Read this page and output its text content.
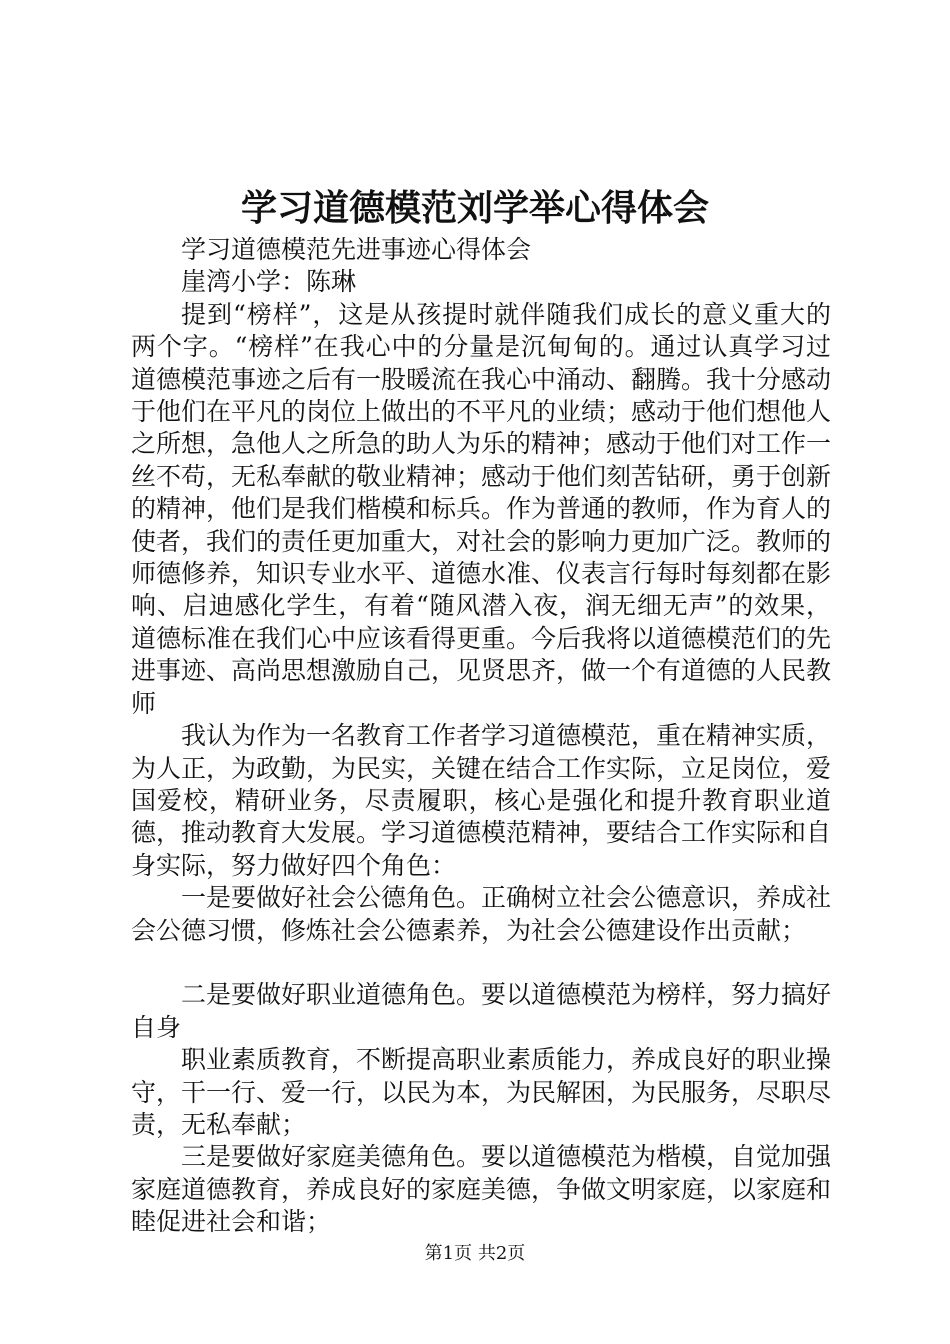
学习道德模范刘学举心得体会

学习道德模范先进事迹心得体会

崖湾小学：陈琳

提到“榜样”，这是从孩提时就伴随我们成长的意义重大的两个字。“榜样”在我心中的分量是沉甸甸的。通过认真学习过道德模范事迹之后有一股暖流在我心中涌动、翻腾。我十分感动于他们在平凡的岗位上做出的不平凡的业绩；感动于他们想他人之所想，急他人之所急的助人为乐的精神；感动于他们对工作一丝不苟，无私奉献的敬业精神；感动于他们刻苦钻研，勇于创新的精神，他们是我们楷模和标兵。作为普通的教师，作为育人的使者，我们的责任更加重大，对社会的影响力更加广泛。教师的师德修养，知识专业水平、道德水准、仪表言行每时每刻都在影响、启迪感化学生，有着“随风潜入夜，润无细无声”的效果，道德标准在我们心中应该看得更重。今后我将以道德模范们的先进事迹、高尚思想激励自己，见贤思齐，做一个有道德的人民教师

我认为作为一名教育工作者学习道德模范，重在精神实质，为人正，为政勤，为民实，关键在结合工作实际，立足岗位，爱国爱校，精研业务，尽责履职，核心是强化和提升教育职业道德，推动教育大发展。学习道德模范精神，要结合工作实际和自身实际，努力做好四个角色：

一是要做好社会公德角色。正确树立社会公德意识，养成社会公德习惯，修炼社会公德素养，为社会公德建设作出贡献；

二是要做好职业道德角色。要以道德模范为榜样，努力搞好自身

职业素质教育，不断提高职业素质能力，养成良好的职业操守，干一行、爱一行，以民为本，为民解困，为民服务，尽职尽责，无私奉献；

三是要做好家庭美德角色。要以道德模范为楷模，自觉加强家庭道德教育，养成良好的家庭美德，争做文明家庭，以家庭和睦促进社会和谐；

第1页 共2页
